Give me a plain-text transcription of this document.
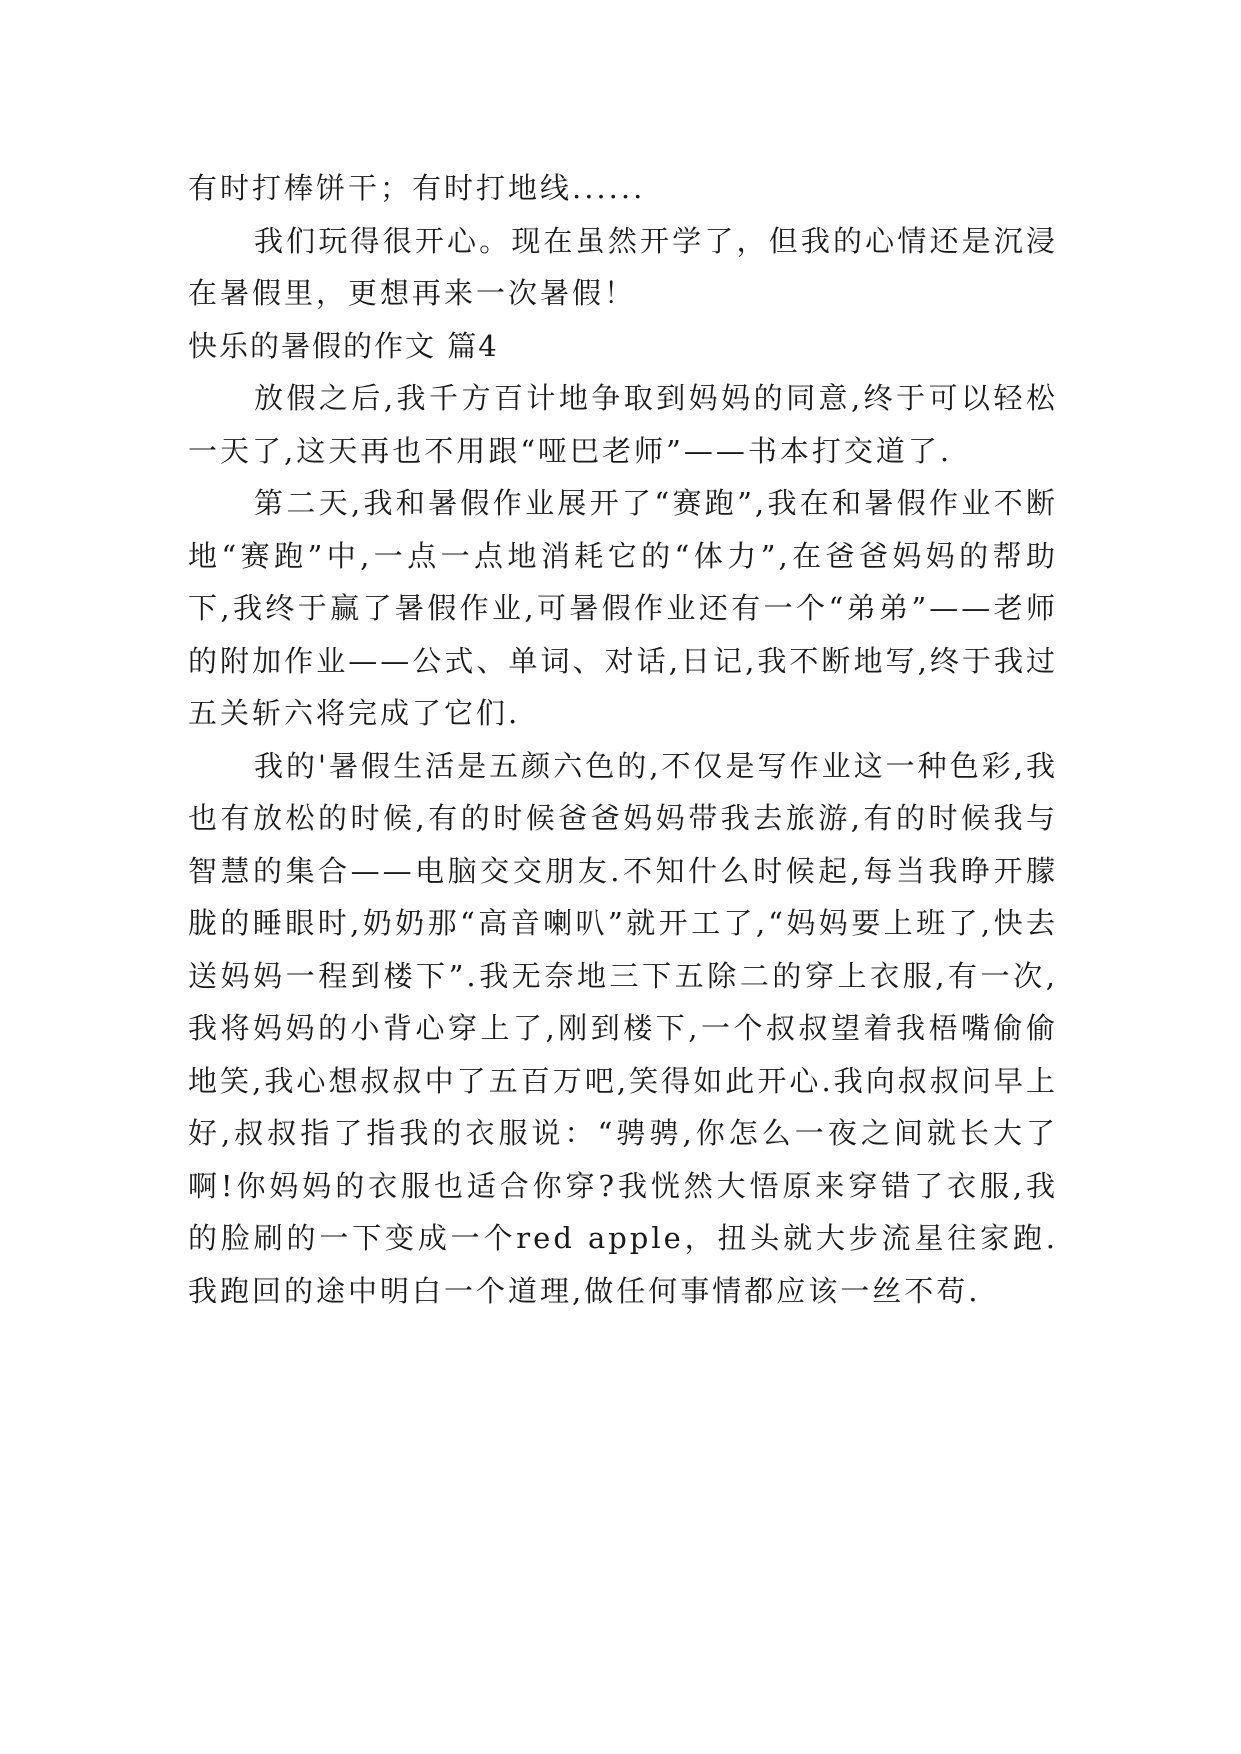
有时打棒饼干；有时打地线......

我们玩得很开心。现在虽然开学了，但我的心情还是沉浸在暑假里，更想再来一次暑假！

快乐的暑假的作文 篇4

放假之后,我千方百计地争取到妈妈的同意,终于可以轻松一天了,这天再也不用跟“哑巴老师”——书本打交道了.

第二天,我和暑假作业展开了“赛跑”,我在和暑假作业不断地“赛跑”中,一点一点地消耗它的“体力”,在爸爸妈妈的帮助下,我终于赢了暑假作业,可暑假作业还有一个“弟弟”——老师的附加作业——公式、单词、对话,日记,我不断地写,终于我过五关斩六将完成了它们.

我的'暑假生活是五颜六色的,不仅是写作业这一种色彩,我也有放松的时候,有的时候爸爸妈妈带我去旅游,有的时候我与智慧的集合——电脑交交朋友.不知什么时候起,每当我睁开朦胧的睡眼时,奶奶那“高音喇叭”就开工了,“妈妈要上班了,快去送妈妈一程到楼下”.我无奈地三下五除二的穿上衣服,有一次,我将妈妈的小背心穿上了,刚到楼下,一个叔叔望着我梧嘴偷偷地笑,我心想叔叔中了五百万吧,笑得如此开心.我向叔叔问早上好,叔叔指了指我的衣服说：“骋骋,你怎么一夜之间就长大了啊!你妈妈的衣服也适合你穿?我恍然大悟原来穿错了衣服,我的脸刷的一下变成一个red apple，扭头就大步流星往家跑.我跑回的途中明白一个道理,做任何事情都应该一丝不苟.
